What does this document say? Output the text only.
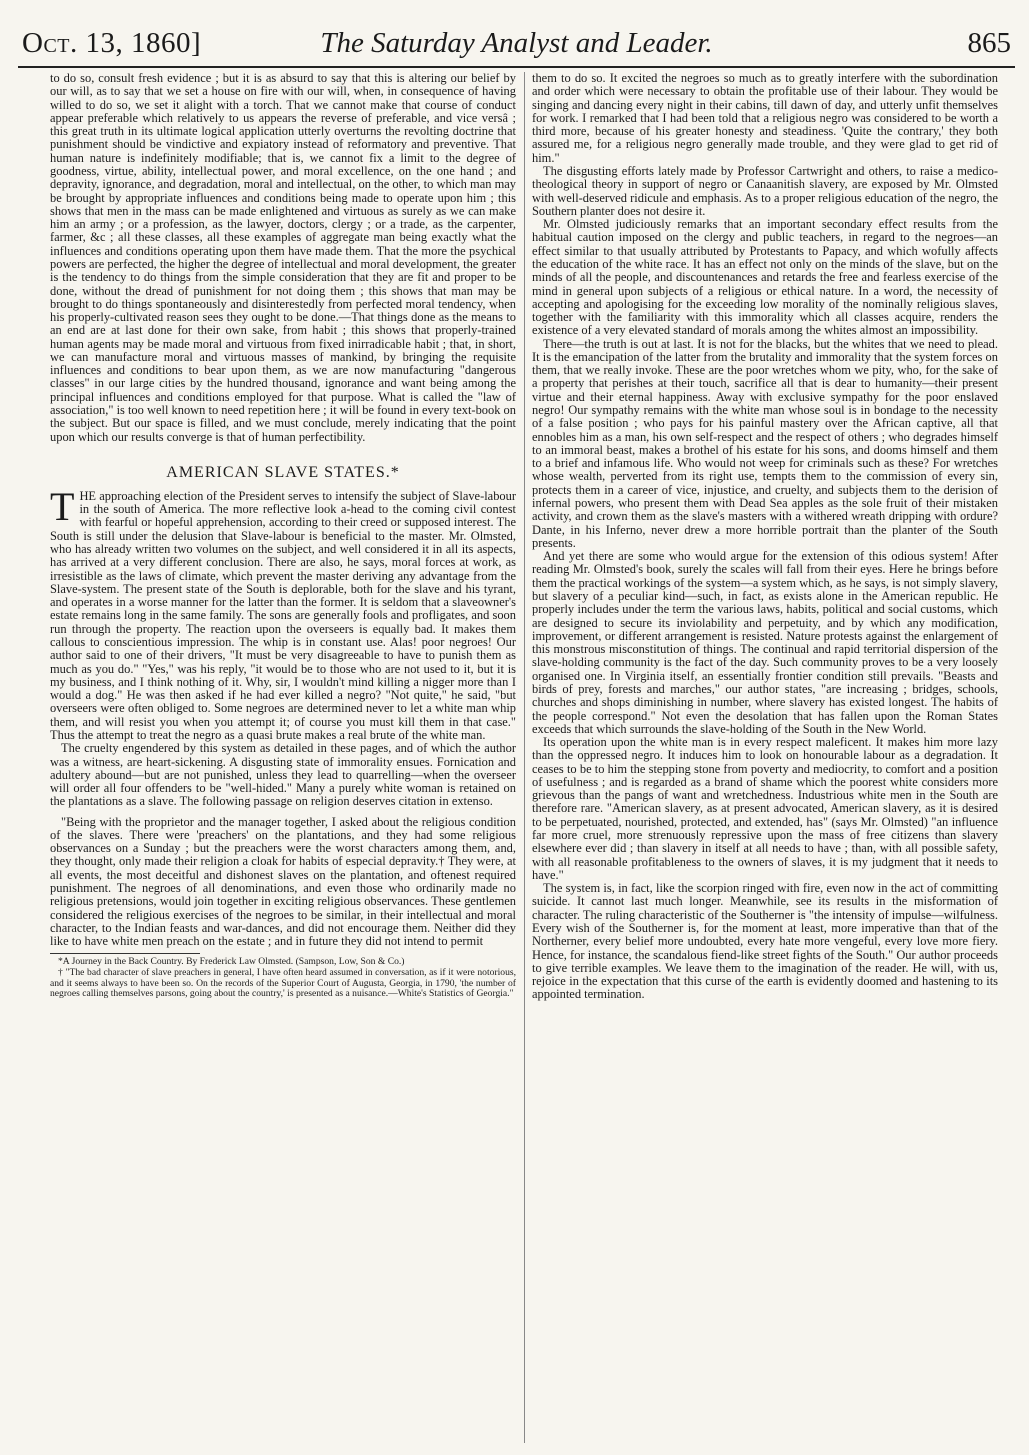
Oct. 13, 1860]	The Saturday Analyst and Leader.	865

to do so, consult fresh evidence ; but it is as absurd to say that this is altering our belief by our will, as to say that we set a house on fire with our will, when, in consequence of having willed to do so, we set it alight with a torch. That we cannot make that course of conduct appear preferable which relatively to us appears the reverse of preferable, and vice versâ ; this great truth in its ultimate logical application utterly overturns the revolting doctrine that punishment should be vindictive and expiatory instead of reformatory and preventive. That human nature is indefinitely modifiable; that is, we cannot fix a limit to the degree of goodness, virtue, ability, intellectual power, and moral excellence, on the one hand ; and depravity, ignorance, and degradation, moral and intellectual, on the other, to which man may be brought by appropriate influences and conditions being made to operate upon him ; this shows that men in the mass can be made enlightened and virtuous as surely as we can make him an army ; or a profession, as the lawyer, doctors, clergy ; or a trade, as the carpenter, farmer, &c ; all these classes, all these examples of aggregate man being exactly what the influences and conditions operating upon them have made them. That the more the psychical powers are perfected, the higher the degree of intellectual and moral development, the greater is the tendency to do things from the simple consideration that they are fit and proper to be done, without the dread of punishment for not doing them ; this shows that man may be brought to do things spontaneously and disinterestedly from perfected moral tendency, when his properly-cultivated reason sees they ought to be done.—That things done as the means to an end are at last done for their own sake, from habit ; this shows that properly-trained human agents may be made moral and virtuous from fixed inirradicable habit ; that, in short, we can manufacture moral and virtuous masses of mankind, by bringing the requisite influences and conditions to bear upon them, as we are now manufacturing "dangerous classes" in our large cities by the hundred thousand, ignorance and want being among the principal influences and conditions employed for that purpose. What is called the "law of association," is too well known to need repetition here ; it will be found in every text-book on the subject. But our space is filled, and we must conclude, merely indicating that the point upon which our results converge is that of human perfectibility.

AMERICAN SLAVE STATES.*

THE approaching election of the President serves to intensify the subject of Slave-labour in the south of America. The more reflective look a-head to the coming civil contest with fearful or hopeful apprehension, according to their creed or supposed interest. The South is still under the delusion that Slave-labour is beneficial to the master. Mr. Olmsted, who has already written two volumes on the subject, and well considered it in all its aspects, has arrived at a very different conclusion. There are also, he says, moral forces at work, as irresistible as the laws of climate, which prevent the master deriving any advantage from the Slave-system. The present state of the South is deplorable, both for the slave and his tyrant, and operates in a worse manner for the latter than the former. It is seldom that a slaveowner's estate remains long in the same family. The sons are generally fools and profligates, and soon run through the property. The reaction upon the overseers is equally bad. It makes them callous to conscientious impression. The whip is in constant use. Alas! poor negroes! Our author said to one of their drivers, "It must be very disagreeable to have to punish them as much as you do." "Yes," was his reply, "it would be to those who are not used to it, but it is my business, and I think nothing of it. Why, sir, I wouldn't mind killing a nigger more than I would a dog." He was then asked if he had ever killed a negro? "Not quite," he said, "but overseers were often obliged to. Some negroes are determined never to let a white man whip them, and will resist you when you attempt it; of course you must kill them in that case." Thus the attempt to treat the negro as a quasi brute makes a real brute of the white man.

The cruelty engendered by this system as detailed in these pages, and of which the author was a witness, are heart-sickening. A disgusting state of immorality ensues. Fornication and adultery abound—but are not punished, unless they lead to quarrelling—when the overseer will order all four offenders to be "well-hided." Many a purely white woman is retained on the plantations as a slave. The following passage on religion deserves citation in extenso.

"Being with the proprietor and the manager together, I asked about the religious condition of the slaves. There were 'preachers' on the plantations, and they had some religious observances on a Sunday ; but the preachers were the worst characters among them, and, they thought, only made their religion a cloak for habits of especial depravity.† They were, at all events, the most deceitful and dishonest slaves on the plantation, and oftenest required punishment. The negroes of all denominations, and even those who ordinarily made no religious pretensions, would join together in exciting religious observances. These gentlemen considered the religious exercises of the negroes to be similar, in their intellectual and moral character, to the Indian feasts and war-dances, and did not encourage them. Neither did they like to have white men preach on the estate ; and in future they did not intend to permit

*A Journey in the Back Country. By Frederick Law Olmsted. (Sampson, Low, Son & Co.)

† "The bad character of slave preachers in general, I have often heard assumed in conversation, as if it were notorious, and it seems always to have been so. On the records of the Superior Court of Augusta, Georgia, in 1790, 'the number of negroes calling themselves parsons, going about the country,' is presented as a nuisance.—White's Statistics of Georgia."

them to do so. It excited the negroes so much as to greatly interfere with the subordination and order which were necessary to obtain the profitable use of their labour. They would be singing and dancing every night in their cabins, till dawn of day, and utterly unfit themselves for work. I remarked that I had been told that a religious negro was considered to be worth a third more, because of his greater honesty and steadiness. 'Quite the contrary,' they both assured me, for a religious negro generally made trouble, and they were glad to get rid of him."

The disgusting efforts lately made by Professor Cartwright and others, to raise a medico-theological theory in support of negro or Canaanitish slavery, are exposed by Mr. Olmsted with well-deserved ridicule and emphasis. As to a proper religious education of the negro, the Southern planter does not desire it.

Mr. Olmsted judiciously remarks that an important secondary effect results from the habitual caution imposed on the clergy and public teachers, in regard to the negroes—an effect similar to that usually attributed by Protestants to Papacy, and which wofully affects the education of the white race. It has an effect not only on the minds of the slave, but on the minds of all the people, and discountenances and retards the free and fearless exercise of the mind in general upon subjects of a religious or ethical nature. In a word, the necessity of accepting and apologising for the exceeding low morality of the nominally religious slaves, together with the familiarity with this immorality which all classes acquire, renders the existence of a very elevated standard of morals among the whites almost an impossibility.

There—the truth is out at last. It is not for the blacks, but the whites that we need to plead. It is the emancipation of the latter from the brutality and immorality that the system forces on them, that we really invoke. These are the poor wretches whom we pity, who, for the sake of a property that perishes at their touch, sacrifice all that is dear to humanity—their present virtue and their eternal happiness. Away with exclusive sympathy for the poor enslaved negro! Our sympathy remains with the white man whose soul is in bondage to the necessity of a false position ; who pays for his painful mastery over the African captive, all that ennobles him as a man, his own self-respect and the respect of others ; who degrades himself to an immoral beast, makes a brothel of his estate for his sons, and dooms himself and them to a brief and infamous life. Who would not weep for criminals such as these? For wretches whose wealth, perverted from its right use, tempts them to the commission of every sin, protects them in a career of vice, injustice, and cruelty, and subjects them to the derision of infernal powers, who present them with Dead Sea apples as the sole fruit of their mistaken activity, and crown them as the slave's masters with a withered wreath dripping with ordure? Dante, in his Inferno, never drew a more horrible portrait than the planter of the South presents.

And yet there are some who would argue for the extension of this odious system! After reading Mr. Olmsted's book, surely the scales will fall from their eyes. Here he brings before them the practical workings of the system—a system which, as he says, is not simply slavery, but slavery of a peculiar kind—such, in fact, as exists alone in the American republic. He properly includes under the term the various laws, habits, political and social customs, which are designed to secure its inviolability and perpetuity, and by which any modification, improvement, or different arrangement is resisted. Nature protests against the enlargement of this monstrous misconstitution of things. The continual and rapid territorial dispersion of the slave-holding community is the fact of the day. Such community proves to be a very loosely organised one. In Virginia itself, an essentially frontier condition still prevails. "Beasts and birds of prey, forests and marches," our author states, "are increasing ; bridges, schools, churches and shops diminishing in number, where slavery has existed longest. The habits of the people correspond." Not even the desolation that has fallen upon the Roman States exceeds that which surrounds the slave-holding of the South in the New World.

Its operation upon the white man is in every respect maleficent. It makes him more lazy than the oppressed negro. It induces him to look on honourable labour as a degradation. It ceases to be to him the stepping stone from poverty and mediocrity, to comfort and a position of usefulness ; and is regarded as a brand of shame which the poorest white considers more grievous than the pangs of want and wretchedness. Industrious white men in the South are therefore rare. "American slavery, as at present advocated, American slavery, as it is desired to be perpetuated, nourished, protected, and extended, has" (says Mr. Olmsted) "an influence far more cruel, more strenuously repressive upon the mass of free citizens than slavery elsewhere ever did ; than slavery in itself at all needs to have ; than, with all possible safety, with all reasonable profitableness to the owners of slaves, it is my judgment that it needs to have."

The system is, in fact, like the scorpion ringed with fire, even now in the act of committing suicide. It cannot last much longer. Meanwhile, see its results in the misformation of character. The ruling characteristic of the Southerner is "the intensity of impulse—wilfulness. Every wish of the Southerner is, for the moment at least, more imperative than that of the Northerner, every belief more undoubted, every hate more vengeful, every love more fiery. Hence, for instance, the scandalous fiend-like street fights of the South." Our author proceeds to give terrible examples. We leave them to the imagination of the reader. He will, with us, rejoice in the expectation that this curse of the earth is evidently doomed and hastening to its appointed termination.
